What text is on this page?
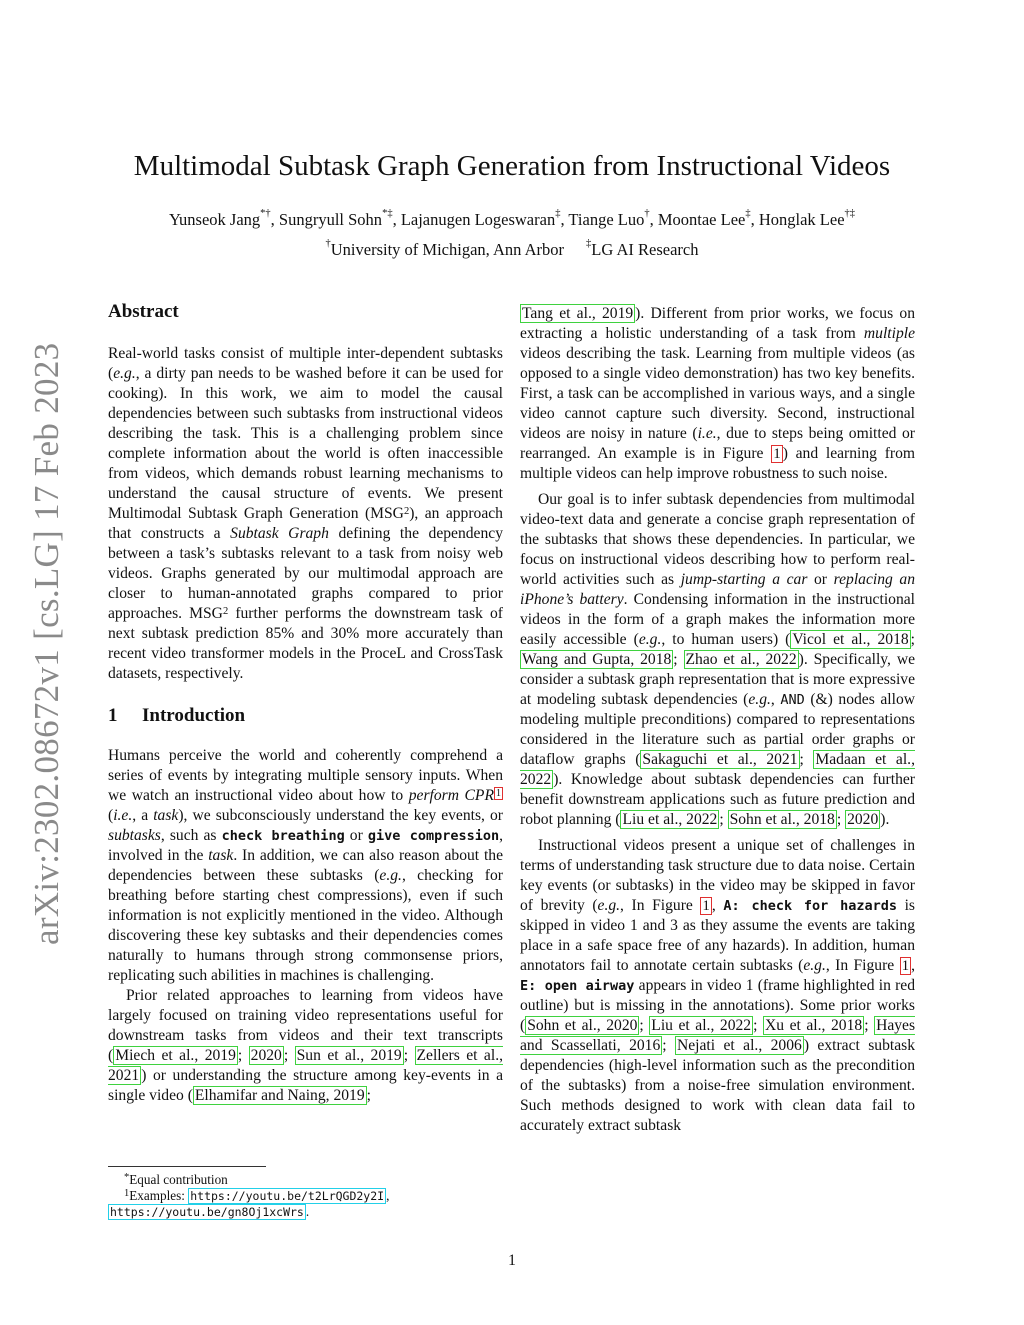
arXiv:2302.08672v1 [cs.LG] 17 Feb 2023
Multimodal Subtask Graph Generation from Instructional Videos
Yunseok Jang*†, Sungryull Sohn*‡, Lajanugen Logeswaran‡, Tiange Luo†, Moontae Lee‡, Honglak Lee†‡
†University of Michigan, Ann Arbor ‡LG AI Research
Abstract

Real-world tasks consist of multiple inter-dependent subtasks (e.g., a dirty pan needs to be washed before it can be used for cooking). In this work, we aim to model the causal dependencies between such subtasks from instructional videos describing the task. This is a challenging problem since complete information about the world is often inaccessible from videos, which demands robust learning mechanisms to understand the causal structure of events. We present Multimodal Subtask Graph Generation (MSG$^2$), an approach that constructs a Subtask Graph defining the dependency between a task’s subtasks relevant to a task from noisy web videos. Graphs generated by our multimodal approach are closer to human-annotated graphs compared to prior approaches. MSG$^2$ further performs the downstream task of next subtask prediction 85% and 30% more accurately than recent video transformer models in the ProceL and CrossTask datasets, respectively.

1 Introduction

Humans perceive the world and coherently comprehend a series of events by integrating multiple sensory inputs. When we watch an instructional video about how to perform CPR $^1$ (i.e., a task), we subconsciously understand the key events, or subtasks, such as check breathing or give compression, involved in the task. In addition, we can also reason about the dependencies between these subtasks (e.g., checking for breathing before starting chest compressions), even if such information is not explicitly mentioned in the video. Although discovering these key subtasks and their dependencies comes naturally to humans through strong commonsense priors, replicating such abilities in machines is challenging.

Prior related approaches to learning from videos have largely focused on training video representations useful for downstream tasks from videos and their text transcripts ( Miech et al., 2019 ; 2020 ; Sun et al., 2019 ; Zellers et al., 2021 ) or understanding the structure among key-events in a single video ( Elhamifar and Naing, 2019 ;

Tang et al., 2019 ). Different from prior works, we focus on extracting a holistic understanding of a task from multiple videos describing the task. Learning from multiple videos (as opposed to a single video demonstration) has two key benefits. First, a task can be accomplished in various ways, and a single video cannot capture such diversity. Second, instructional videos are noisy in nature (i.e., due to steps being omitted or rearranged. An example is in Figure 1 ) and learning from multiple videos can help improve robustness to such noise.

Our goal is to infer subtask dependencies from multimodal video-text data and generate a concise graph representation of the subtasks that shows these dependencies. In particular, we focus on instructional videos describing how to perform real-world activities such as jump-starting a car or replacing an iPhone’s battery. Condensing information in the instructional videos in the form of a graph makes the information more easily accessible (e.g., to human users) ( Vicol et al., 2018 ; Wang and Gupta, 2018 ; Zhao et al., 2022 ). Specifically, we consider a subtask graph representation that is more expressive at modeling subtask dependencies (e.g., AND (&) nodes allow modeling multiple preconditions) compared to representations considered in the literature such as partial order graphs or dataflow graphs ( Sakaguchi et al., 2021 ; Madaan et al., 2022 ). Knowledge about subtask dependencies can further benefit downstream applications such as future prediction and robot planning ( Liu et al., 2022 ; Sohn et al., 2018 ; 2020 ).

Instructional videos present a unique set of challenges in terms of understanding task structure due to data noise. Certain key events (or subtasks) in the video may be skipped in favor of brevity (e.g., In Figure 1 , A: check for hazards is skipped in video 1 and 3 as they assume the events are taking place in a safe space free of any hazards). In addition, human annotators fail to annotate certain subtasks (e.g., In Figure 1 , E: open airway appears in video 1 (frame highlighted in red outline) but is missing in the annotations). Some prior works ( Sohn et al., 2020 ; Liu et al., 2022 ; Xu et al., 2018 ; Hayes and Scassellati, 2016 ; Nejati et al., 2006 ) extract subtask dependencies (high-level information such as the precondition of the subtasks) from a noise-free simulation environment. Such methods designed to work with clean data fail to accurately extract subtask

*Equal contribution

$^1$Examples: https://youtu.be/t2LrQGD2y2I , https://youtu.be/gn8Oj1xcWrs .

1
